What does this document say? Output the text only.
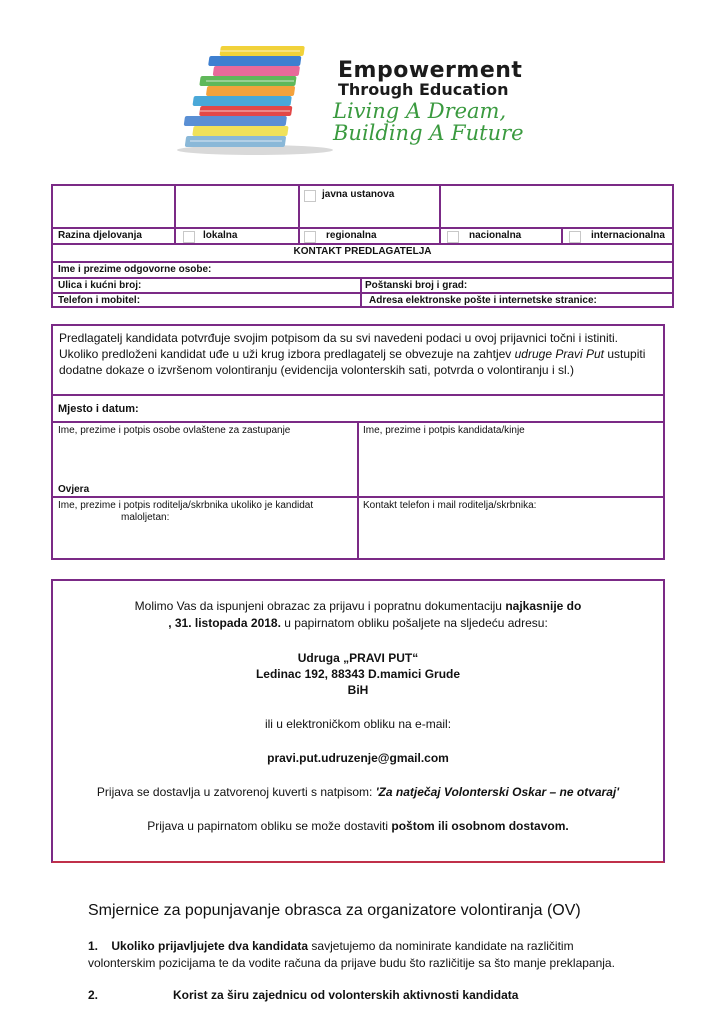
Empowerment
Through Education
Living A Dream,
Building A Future
javna ustanova
Razina djelovanja	lokalna	regionalna	nacionalna	internacionalna
KONTAKT PREDLAGATELJA
Ime i prezime odgovorne osobe:
Ulica i kućni broj:	Poštanski broj i grad:
Telefon i mobitel:	Adresa elektronske pošte i internetske stranice:

Predlagatelj kandidata potvrđuje svojim potpisom da su svi navedeni podaci u ovoj prijavnici točni i istiniti. Ukoliko predloženi kandidat uđe u uži krug izbora predlagatelj se obvezuje na zahtjev udruge Pravi Put ustupiti dodatne dokaze o izvršenom volontiranju (evidencija volonterskih sati, potvrda o volontiranju i sl.)

Mjesto i datum:
Ime, prezime i potpis osobe ovlaštene za zastupanje	Ime, prezime i potpis kandidata/kinje
Ovjera
Ime, prezime i potpis roditelja/skrbnika ukoliko je kandidat
maloljetan:
Kontakt telefon i mail roditelja/skrbnika:
Molimo Vas da ispunjeni obrazac za prijavu i popratnu dokumentaciju najkasnije do
, 31. listopada 2018. u papirnatom obliku pošaljete na sljedeću adresu:
Udruga „PRAVI PUT“
Ledinac 192, 88343 D.mamici Grude
BiH
ili u elektroničkom obliku na e-mail:
pravi.put.udruzenje@gmail.com
Prijava se dostavlja u zatvorenoj kuverti s natpisom: 'Za natječaj Volonterski Oskar – ne otvaraj'
Prijava u papirnatom obliku se može dostaviti poštom ili osobnom dostavom.
Smjernice za popunjavanje obrasca za organizatore volontiranja (OV)
1. Ukoliko prijavljujete dva kandidata savjetujemo da nominirate kandidate na različitim
volonterskim pozicijama te da vodite računa da prijave budu što različitije sa što manje preklapanja.
2.	Korist za širu zajednicu od volonterskih aktivnosti kandidata
